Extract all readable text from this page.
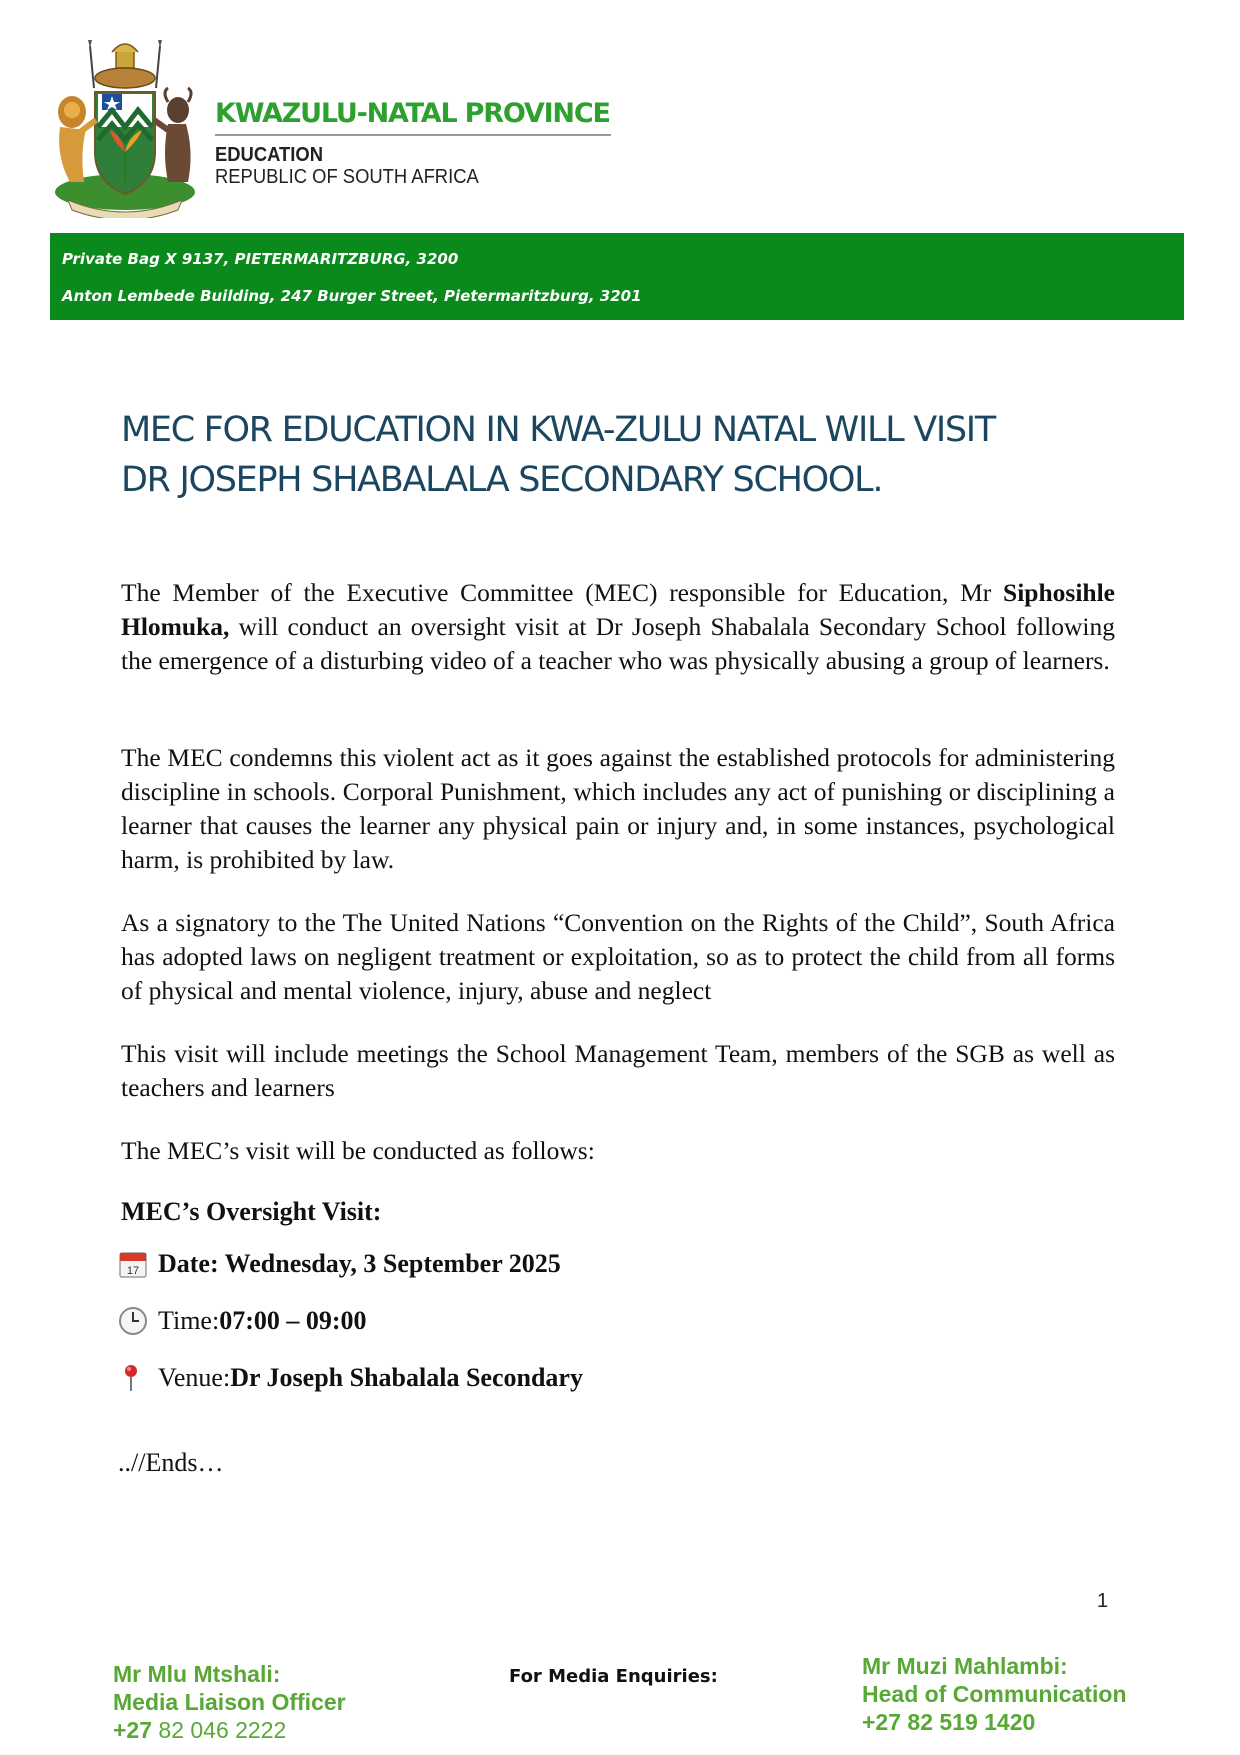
KWAZULU-NATAL PROVINCE
EDUCATION
REPUBLIC OF SOUTH AFRICA
Private Bag X 9137, PIETERMARITZBURG, 3200
Anton Lembede Building, 247 Burger Street, Pietermaritzburg, 3201
MEC FOR EDUCATION IN KWA-ZULU NATAL WILL VISIT
DR JOSEPH SHABALALA SECONDARY SCHOOL.
The Member of the Executive Committee (MEC) responsible for Education, Mr Siphosihle Hlomuka, will conduct an oversight visit at Dr Joseph Shabalala Secondary School following the emergence of a disturbing video of a teacher who was physically abusing a group of learners.
The MEC condemns this violent act as it goes against the established protocols for administering discipline in schools. Corporal Punishment, which includes any act of punishing or disciplining a learner that causes the learner any physical pain or injury and, in some instances, psychological harm, is prohibited by law.
As a signatory to the The United Nations “Convention on the Rights of the Child”, South Africa has adopted laws on negligent treatment or exploitation, so as to protect the child from all forms of physical and mental violence, injury, abuse and neglect
This visit will include meetings the School Management Team, members of the SGB as well as teachers and learners
The MEC’s visit will be conducted as follows:
MEC’s Oversight Visit:
17 Date: Wednesday, 3 September 2025
Time: 07:00 – 09:00
Venue: Dr Joseph Shabalala Secondary
..//Ends…
1
Mr Mlu Mtshali:
Media Liaison Officer
+27 82 046 2222
For Media Enquiries:	Mr Muzi Mahlambi:
Head of Communication
+27 82 519 1420
